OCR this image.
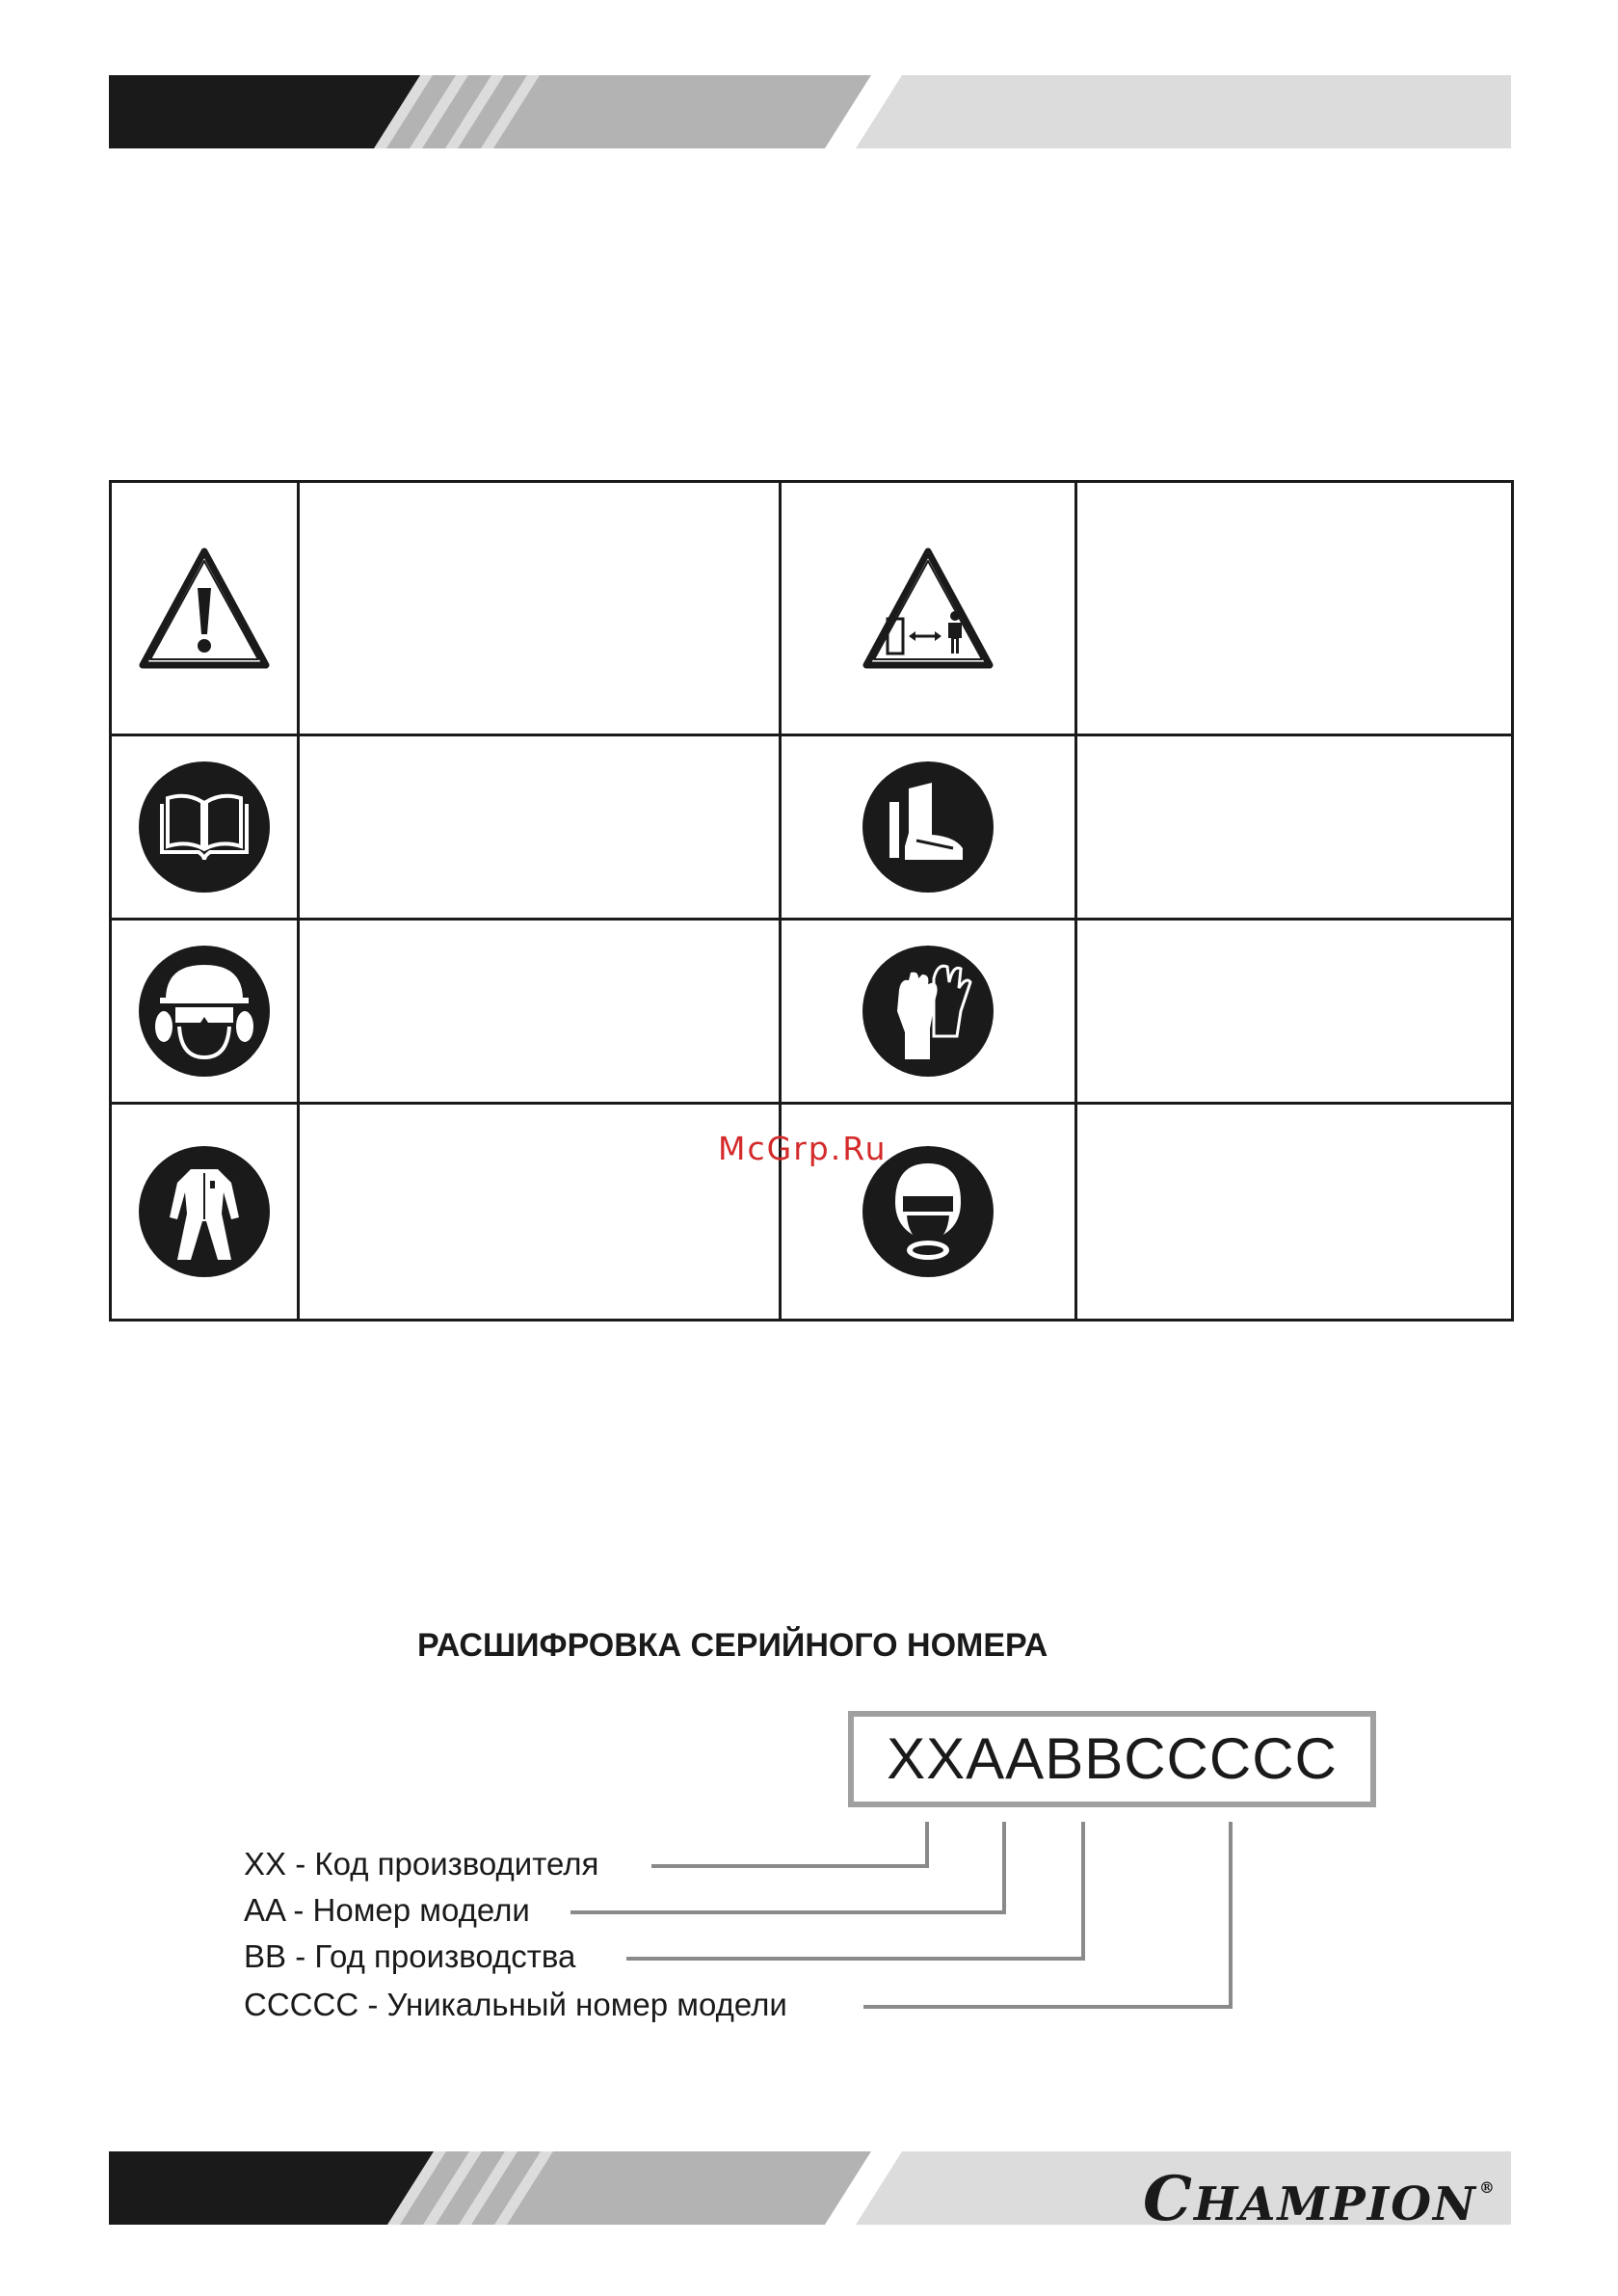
McGrp.Ru
РАСШИФРОВКА СЕРИЙНОГО НОМЕРА
XXAABBCCCCC
XX - Код производителя
AA - Номер модели
BB - Год производства
CCCCC - Уникальный номер модели
CHAMPION ®
